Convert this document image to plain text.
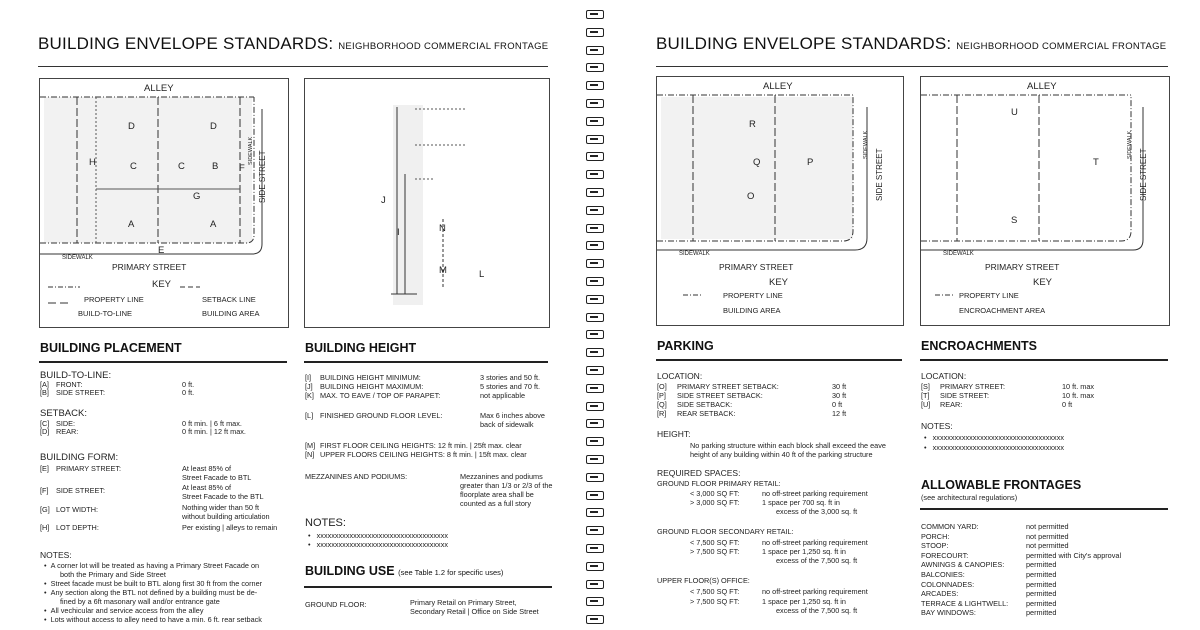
BUILDING ENVELOPE STANDARDS: NEIGHBORHOOD COMMERCIAL FRONTAGE
ALLEY
D	D
H	C	C	B F
G
A	A
E
SIDEWALK
SIDEWALK SIDE STREET
PRIMARY STREET
KEY
PROPERTY LINE	SETBACK LINE
BUILD-TO-LINE	BUILDING AREA
J
I	N
M	L
BUILDING PLACEMENT
BUILD-TO-LINE:
[A] FRONT:	0 ft.
[B] SIDE STREET:	0 ft.
SETBACK:
[C] SIDE:	0 ft min. | 6 ft max.
[D] REAR:	0 ft min. | 12 ft max.
BUILDING FORM:
[E] PRIMARY STREET:	At least 85% of
Street Facade to BTL
[F] SIDE STREET:	At least 85% of
Street Facade to the BTL
[G] LOT WIDTH:	Nothing wider than 50 ft
without building articulation
[H] LOT DEPTH:	Per existing | alleys to remain
NOTES:
•  A corner lot will be treated as having a Primary Street Facade on
both the Primary and Side Street
•  Street facade must be built to BTL along first 30 ft from the corner
•  Any section along the BTL not defined by a building must be de-
fined by a 6ft masonary wall and/or entrance gate
•  All vechicular and service access from the alley
•  Lots without access to alley need to have a min. 6 ft. rear setback
BUILDING HEIGHT
[I] BUILDING HEIGHT MINIMUM:	3 stories and 50 ft.
[J] BUILDING HEIGHT MAXIMUM:	5 stories and 70 ft.
[K] MAX. TO EAVE / TOP OF PARAPET:	not applicable
[L] FINISHED GROUND FLOOR LEVEL:	Max 6 inches above
back of sidewalk
[M] FIRST FLOOR CEILING HEIGHTS: 12 ft min. | 25ft max. clear
[N] UPPER FLOORS CEILING HEIGHTS: 8 ft min. | 15ft max. clear
MEZZANINES AND PODIUMS:	Mezzanines and podiums
greater than 1/3 or 2/3 of the
floorplate area shall be
counted as a full story
NOTES:
•   xxxxxxxxxxxxxxxxxxxxxxxxxxxxxxxxxxxx
•   xxxxxxxxxxxxxxxxxxxxxxxxxxxxxxxxxxxx
BUILDING USE (see Table 1.2 for specific uses)
GROUND FLOOR:	Primary Retail on Primary Street,
Secondary Retail | Office on Side Street
BUILDING ENVELOPE STANDARDS: NEIGHBORHOOD COMMERCIAL FRONTAGE
ALLEY
R
Q	P
O
SIDEWALK
SIDEWALK
SIDE STREET
PRIMARY STREET
KEY
PROPERTY LINE
BUILDING AREA
ALLEY
U
T
S
SIDEWALK
SIDEWALK
SIDE STREET
PRIMARY STREET
KEY
PROPERTY LINE
ENCROACHMENT AREA
PARKING
LOCATION:
[O] PRIMARY STREET SETBACK:	30 ft
[P] SIDE STREET SETBACK:	30 ft
[Q] SIDE SETBACK:	0 ft
[R] REAR SETBACK:	12 ft
HEIGHT:
No parking structure within each block shall exceed the eave
height of any building within 40 ft of the parking structure
REQUIRED SPACES:
GROUND FLOOR PRIMARY RETAIL:
< 3,000 SQ FT:	no off-street parking requirement
> 3,000 SQ FT:	1 space per 700 sq. ft in
excess of the 3,000 sq. ft
GROUND FLOOR SECONDARY RETAIL:
< 7,500 SQ FT:	no off-street parking requirement
> 7,500 SQ FT:	1 space per 1,250 sq. ft in
excess of the 7,500 sq. ft
UPPER FLOOR(S) OFFICE:
< 7,500 SQ FT:	no off-street parking requirement
> 7,500 SQ FT:	1 space per 1,250 sq. ft in
excess of the 7,500 sq. ft
ENCROACHMENTS
LOCATION:
[S] PRIMARY STREET:	10 ft. max
[T] SIDE STREET:	10 ft. max
[U] REAR:	0 ft
NOTES:
•   xxxxxxxxxxxxxxxxxxxxxxxxxxxxxxxxxxxx
•   xxxxxxxxxxxxxxxxxxxxxxxxxxxxxxxxxxxx
ALLOWABLE FRONTAGES
(see architectural regulations)
COMMON YARD:	not permitted
PORCH:	not permitted
STOOP:	not permitted
FORECOURT:	permitted with City's approval
AWNINGS & CANOPIES:	permitted
BALCONIES:	permitted
COLONNADES:	permitted
ARCADES:	permitted
TERRACE & LIGHTWELL: permitted
BAY WINDOWS:	permitted
